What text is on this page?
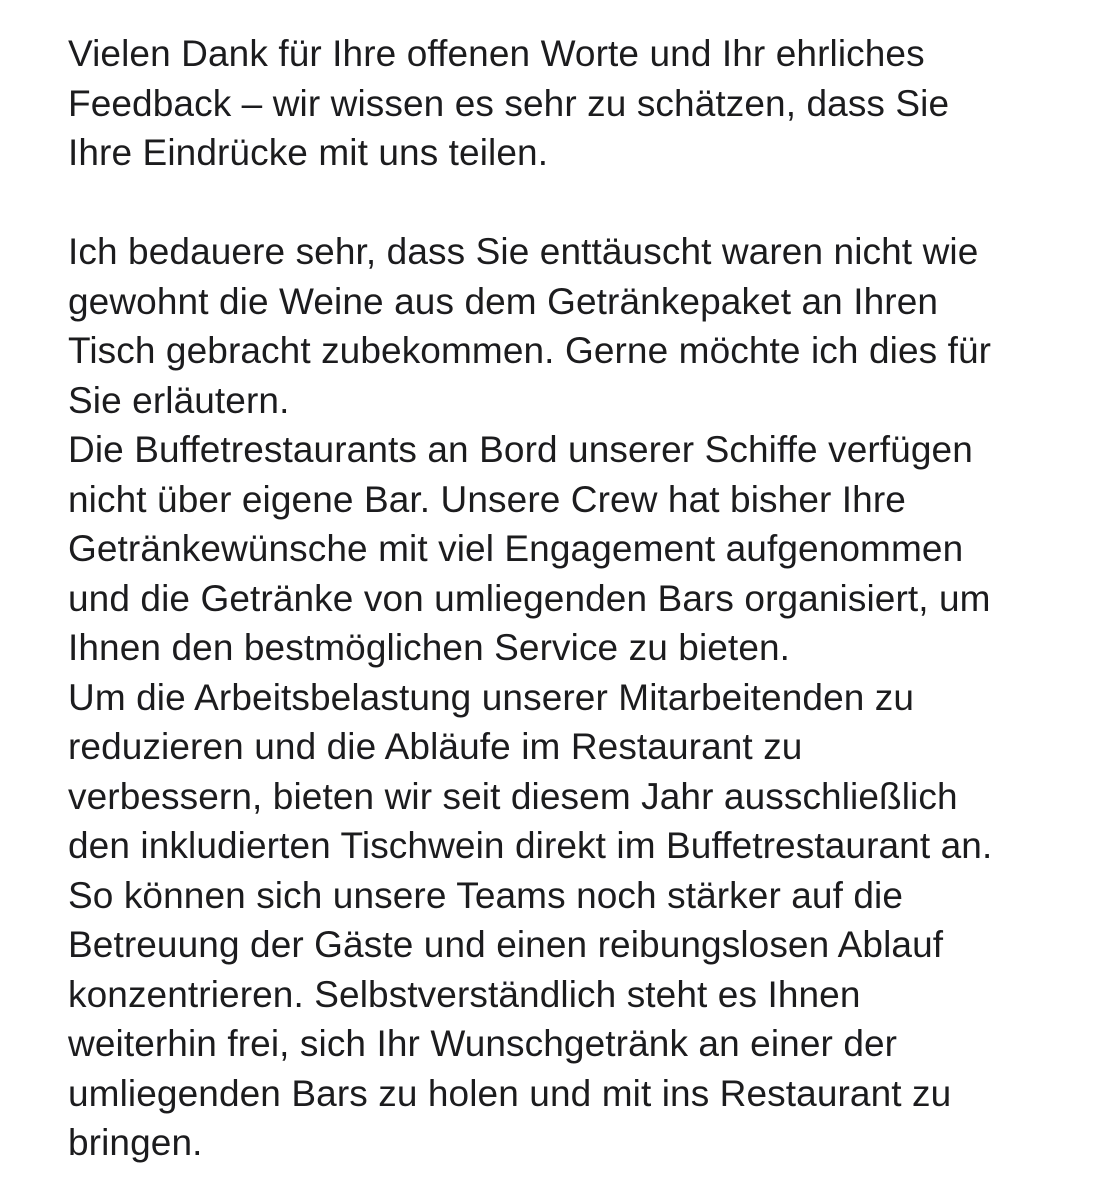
Vielen Dank für Ihre offenen Worte und Ihr ehrliches
Feedback – wir wissen es sehr zu schätzen, dass Sie
Ihre Eindrücke mit uns teilen.
Ich bedauere sehr, dass Sie enttäuscht waren nicht wie
gewohnt die Weine aus dem Getränkepaket an Ihren
Tisch gebracht zubekommen. Gerne möchte ich dies für
Sie erläutern.
Die Buffetrestaurants an Bord unserer Schiffe verfügen
nicht über eigene Bar. Unsere Crew hat bisher Ihre
Getränkewünsche mit viel Engagement aufgenommen
und die Getränke von umliegenden Bars organisiert, um
Ihnen den bestmöglichen Service zu bieten.
Um die Arbeitsbelastung unserer Mitarbeitenden zu
reduzieren und die Abläufe im Restaurant zu
verbessern, bieten wir seit diesem Jahr ausschließlich
den inkludierten Tischwein direkt im Buffetrestaurant an.
So können sich unsere Teams noch stärker auf die
Betreuung der Gäste und einen reibungslosen Ablauf
konzentrieren. Selbstverständlich steht es Ihnen
weiterhin frei, sich Ihr Wunschgetränk an einer der
umliegenden Bars zu holen und mit ins Restaurant zu
bringen.
